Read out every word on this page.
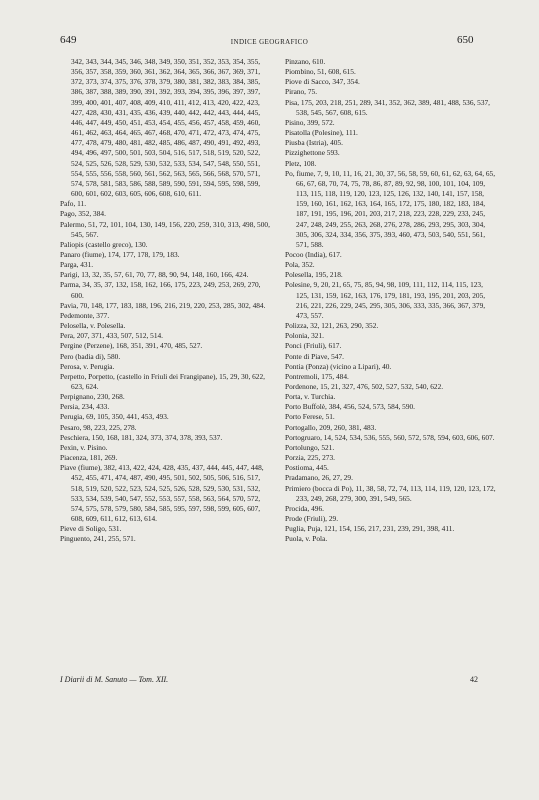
649	INDICE GEOGRAFICO	650
342, 343, 344, 345, 346, 348, 349, 350, 351, 352, 353, 354, 355, 356, 357, 358, 359, 360, 361, 362, 364, 365, 366, 367, 369, 371, 372, 373, 374, 375, 376, 378, 379, 380, 381, 382, 383, 384, 385, 386, 387, 388, 389, 390, 391, 392, 393, 394, 395, 396, 397, 397, 399, 400, 401, 407, 408, 409, 410, 411, 412, 413, 420, 422, 423, 427, 428, 430, 431, 435, 436, 439, 440, 442, 442, 443, 444, 445, 446, 447, 449, 450, 451, 453, 454, 455, 456, 457, 458, 459, 460, 461, 462, 463, 464, 465, 467, 468, 470, 471, 472, 473, 474, 475, 477, 478, 479, 480, 481, 482, 485, 486, 487, 490, 491, 492, 493, 494, 496, 497, 500, 501, 503, 504, 516, 517, 518, 519, 520, 522, 524, 525, 526, 528, 529, 530, 532, 533, 534, 547, 548, 550, 551, 554, 555, 556, 558, 560, 561, 562, 563, 565, 566, 568, 570, 571, 574, 578, 581, 583, 586, 588, 589, 590, 591, 594, 595, 598, 599, 600, 601, 602, 603, 605, 606, 608, 610, 611.
Pafo, 11.
Pago, 352, 384.
Palermo, 51, 72, 101, 104, 130, 149, 156, 220, 259, 310, 313, 498, 500, 545, 567.
Paliopis (castello greco), 130.
Panaro (fiume), 174, 177, 178, 179, 183.
Parga, 431.
Parigi, 13, 32, 35, 57, 61, 70, 77, 88, 90, 94, 148, 160, 166, 424.
Parma, 34, 35, 37, 132, 158, 162, 166, 175, 223, 249, 253, 269, 270, 600.
Pavia, 70, 148, 177, 183, 188, 196, 216, 219, 220, 253, 285, 302, 484.
Pedemonte, 377.
Pelosella, v. Polesella.
Pera, 207, 371, 433, 507, 512, 514.
Pergine (Perzene), 168, 351, 391, 470, 485, 527.
Pero (badia di), 580.
Perosa, v. Perugia.
Perpetto, Porpetto, (castello in Friuli dei Frangipane), 15, 29, 30, 622, 623, 624.
Perpignano, 230, 268.
Persia, 234, 433.
Perugia, 69, 105, 350, 441, 453, 493.
Pesaro, 98, 223, 225, 278.
Peschiera, 150, 168, 181, 324, 373, 374, 378, 393, 537.
Pexin, v. Pisino.
Piacenza, 181, 269.
Piave (fiume), 382, 413, 422, 424, 428, 435, 437, 444, 445, 447, 448, 452, 455, 471, 474, 487, 490, 495, 501, 502, 505, 506, 516, 517, 518, 519, 520, 522, 523, 524, 525, 526, 528, 529, 530, 531, 532, 533, 534, 539, 540, 547, 552, 553, 557, 558, 563, 564, 570, 572, 574, 575, 578, 579, 580, 584, 585, 595, 597, 598, 599, 605, 607, 608, 609, 611, 612, 613, 614.
Pieve di Soligo, 531.
Pinguento, 241, 255, 571.
Pinzano, 610.
Piombino, 51, 608, 615.
Piove di Sacco, 347, 354.
Pirano, 75.
Pisa, 175, 203, 218, 251, 289, 341, 352, 362, 389, 481, 488, 536, 537, 538, 545, 567, 608, 615.
Pisino, 399, 572.
Pisatolla (Polesine), 111.
Piusba (Istria), 405.
Pizzighettone 593.
Pletz, 108.
Po, fiume, 7, 9, 10, 11, 16, 21, 30, 37, 56, 58, 59, 60, 61, 62, 63, 64, 65, 66, 67, 68, 70, 74, 75, 78, 86, 87, 89, 92, 98, 100, 101, 104, 109, 113, 115, 118, 119, 120, 123, 125, 126, 132, 140, 141, 157, 158, 159, 160, 161, 162, 163, 164, 165, 172, 175, 180, 182, 183, 184, 187, 191, 195, 196, 201, 203, 217, 218, 223, 228, 229, 233, 245, 247, 248, 249, 255, 263, 268, 276, 278, 286, 293, 295, 303, 304, 305, 306, 324, 334, 356, 375, 393, 460, 473, 503, 540, 551, 561, 571, 588.
Pocoo (India), 617.
Pola, 352.
Polesella, 195, 218.
Polesine, 9, 20, 21, 65, 75, 85, 94, 98, 109, 111, 112, 114, 115, 123, 125, 131, 159, 162, 163, 176, 179, 181, 193, 195, 201, 203, 205, 216, 221, 226, 229, 245, 295, 305, 306, 333, 335, 366, 367, 379, 473, 557.
Polizza, 32, 121, 263, 290, 352.
Polonia, 321.
Ponci (Friuli), 617.
Ponte di Piave, 547.
Pontia (Ponza) (vicino a Lipari), 40.
Pontremoli, 175, 484.
Pordenone, 15, 21, 327, 476, 502, 527, 532, 540, 622.
Porta, v. Turchia.
Porto Buffolè, 384, 456, 524, 573, 584, 590.
Porto Ferese, 51.
Portogallo, 209, 260, 381, 483.
Portogruaro, 14, 524, 534, 536, 555, 560, 572, 578, 594, 603, 606, 607.
Portolungo, 521.
Porzia, 225, 273.
Postioma, 445.
Pradamano, 26, 27, 29.
Primiero (bocca di Po), 11, 38, 58, 72, 74, 113, 114, 119, 120, 123, 172, 233, 249, 268, 279, 300, 391, 549, 565.
Procida, 496.
Prode (Friuli), 29.
Puglia, Puja, 121, 154, 156, 217, 231, 239, 291, 398, 411.
Puola, v. Pola.
I Diarii di M. Sanuto — Tom. XII.	42
